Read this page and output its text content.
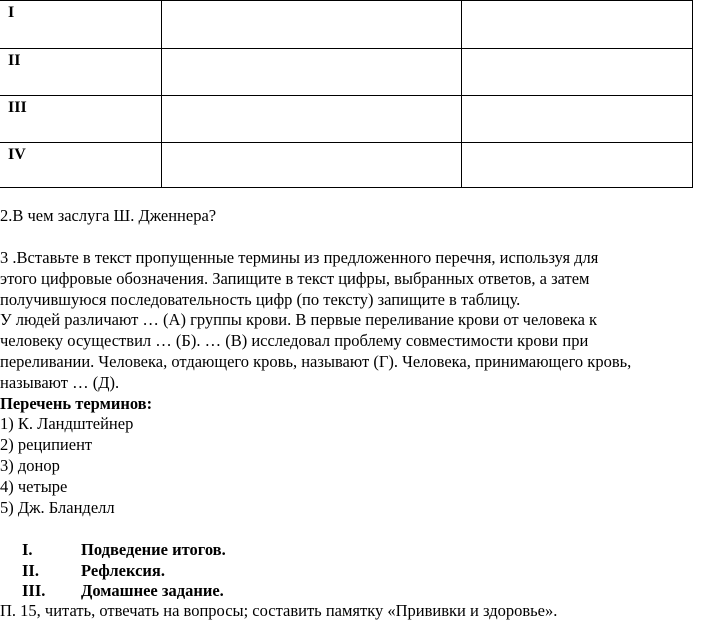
I		
II		
III		
IV		

2.В чем заслуга Ш. Дженнера?

3 .Вставьте в текст пропущенные термины из предложенного перечня, используя для

этого цифровые обозначения. Запищите в текст цифры, выбранных ответов, а затем

получившуюся последовательность цифр (по тексту) запищите в таблицу.

У людей различают … (А) группы крови. В первые переливание крови от человека к

человеку осуществил … (Б). … (В) исследовал проблему совместимости крови при

переливании. Человека, отдающего кровь, называют (Г). Человека, принимающего кровь,

называют … (Д).

Перечень терминов:

1) К. Ландштейнер

2) реципиент

3) донор

4) четыре

5) Дж. Бланделл

I.	Подведение итогов.
II.	Рефлексия.
III. Домашнее задание.

П. 15, читать, отвечать на вопросы; составить памятку «Прививки и здоровье».
